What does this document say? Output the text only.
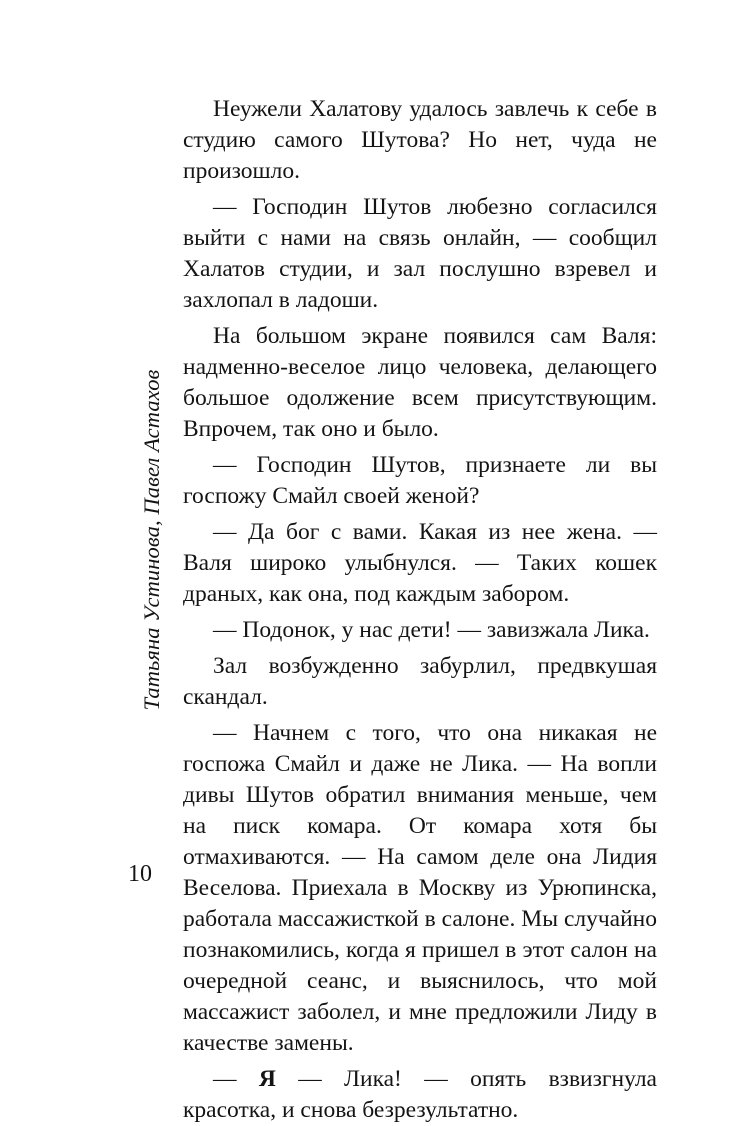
Татьяна Устинова, Павел Астахов
10

Неужели Халатову удалось завлечь к себе в студию самого Шутова? Но нет, чуда не произошло.

— Господин Шутов любезно согласился выйти с нами на связь онлайн, — сообщил Халатов студии, и зал послушно взревел и захлопал в ладоши.

На большом экране появился сам Валя: надменно-веселое лицо человека, делающего большое одолжение всем присутствующим. Впрочем, так оно и было.

— Господин Шутов, признаете ли вы госпожу Смайл своей женой?

— Да бог с вами. Какая из нее жена. — Валя широко улыбнулся. — Таких кошек драных, как она, под каждым забором.

— Подонок, у нас дети! — завизжала Лика.

Зал возбужденно забурлил, предвкушая скандал.

— Начнем с того, что она никакая не госпожа Смайл и даже не Лика. — На вопли дивы Шутов обратил внимания меньше, чем на писк комара. От комара хотя бы отмахиваются. — На самом деле она Лидия Веселова. Приехала в Москву из Урюпинска, работала массажисткой в салоне. Мы случайно познакомились, когда я пришел в этот салон на очередной сеанс, и выяснилось, что мой массажист заболел, и мне предложили Лиду в качестве замены.

— Я — Лика! — опять взвизгнула красотка, и снова безрезультатно.
